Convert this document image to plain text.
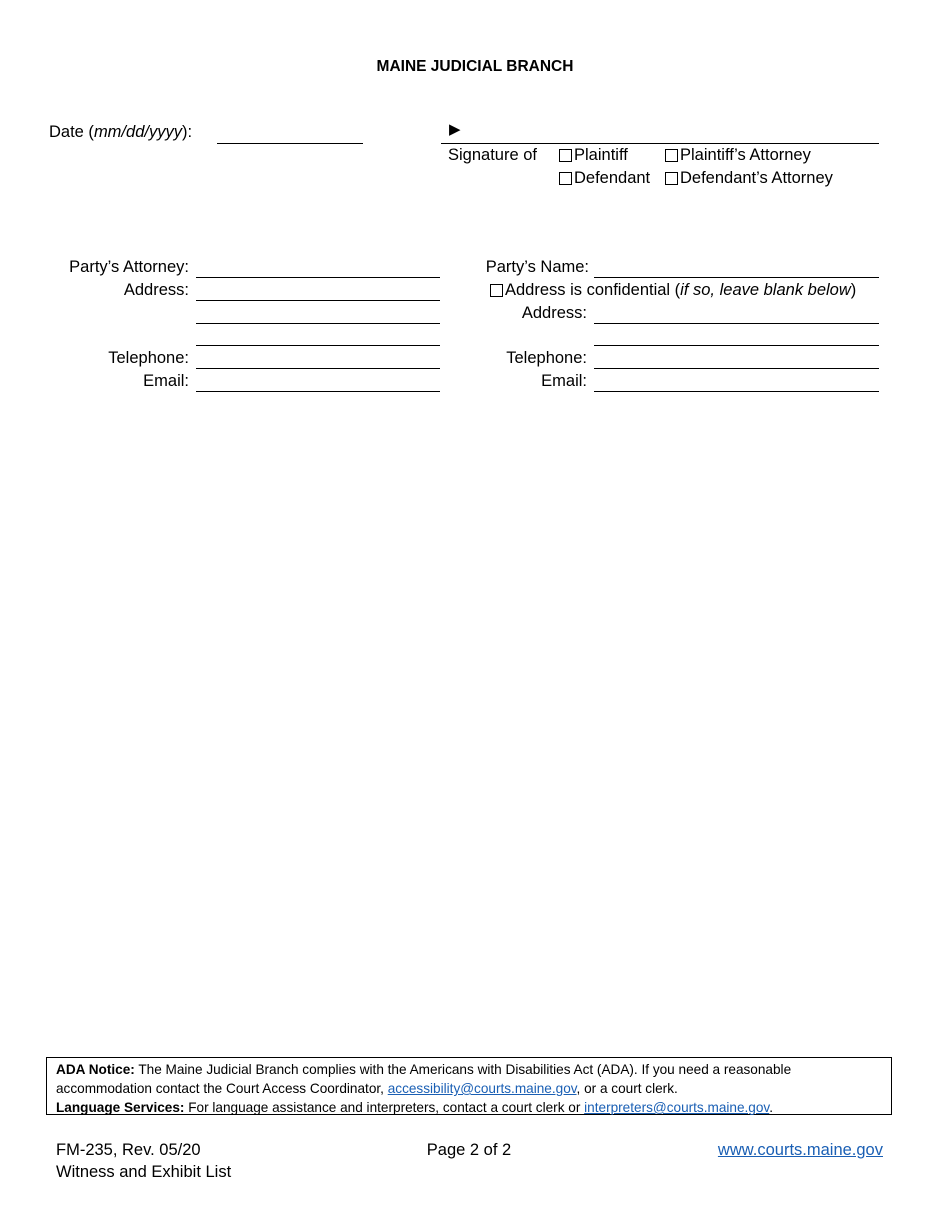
MAINE JUDICIAL BRANCH
Date (mm/dd/yyyy):	▶
Signature of	Plaintiff	Plaintiff’s Attorney
Defendant	Defendant’s Attorney
Party’s Attorney:
Address:
Telephone:
Email:
Party’s Name:
Address is confidential (if so, leave blank below)
Address:
Telephone:
Email:
ADA Notice: The Maine Judicial Branch complies with the Americans with Disabilities Act (ADA). If you need a reasonable accommodation contact the Court Access Coordinator, accessibility@courts.maine.gov, or a court clerk.
Language Services: For language assistance and interpreters, contact a court clerk or interpreters@courts.maine.gov.
FM-235, Rev. 05/20
Witness and Exhibit List
Page 2 of 2	www.courts.maine.gov
